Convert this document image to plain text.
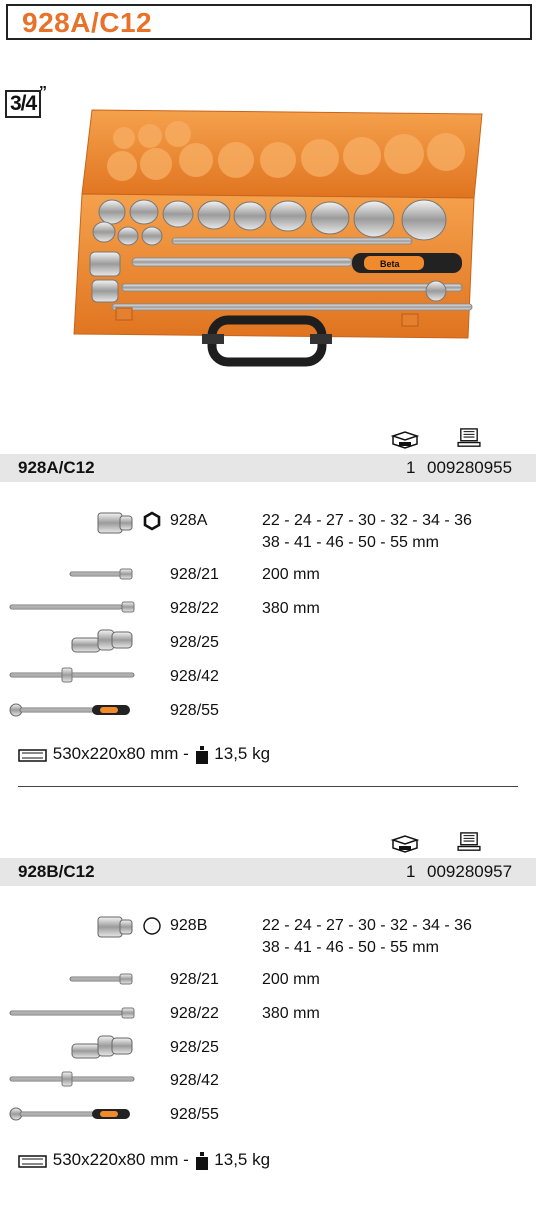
928A/C12
3/4 ”
Beta
928A/C12	1 009280955
928A	22 - 24 - 27 - 30 - 32 - 34 - 36
38 - 41 - 46 - 50 - 55 mm
928/21	200 mm
928/22	380 mm
928/25
928/42
928/55
530x220x80 mm - 13,5 kg
928B/C12	1 009280957
928B	22 - 24 - 27 - 30 - 32 - 34 - 36
38 - 41 - 46 - 50 - 55 mm
928/21	200 mm
928/22	380 mm
928/25
928/42
928/55
530x220x80 mm - 13,5 kg
